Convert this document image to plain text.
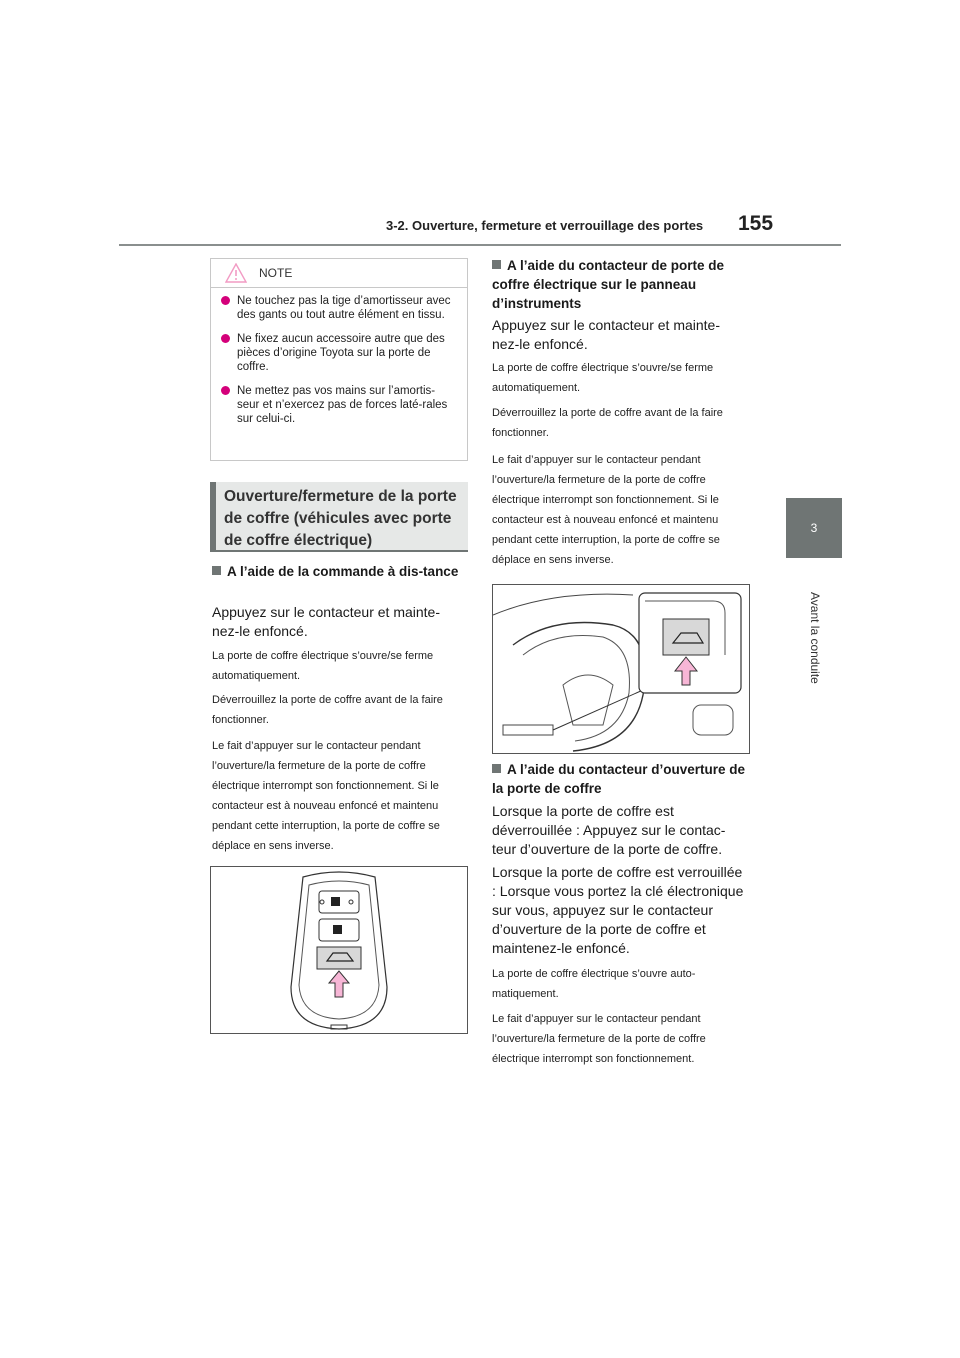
3-2. Ouverture, fermeture et verrouillage des portes 155
3
Avant la conduite
NOTE
Ne touchez pas la tige d’amortisseur avec des gants ou tout autre élément en tissu.
Ne fixez aucun accessoire autre que des pièces d’origine Toyota sur la porte de coffre.
Ne mettez pas vos mains sur l’amortis-seur et n’exercez pas de forces laté-rales sur celui-ci.
Ouverture/fermeture de la porte de coffre (véhicules avec porte de coffre électrique)
A l’aide de la commande à dis-tance
Appuyez sur le contacteur et mainte-nez-le enfoncé.
La porte de coffre électrique s’ouvre/se ferme automatiquement.
Déverrouillez la porte de coffre avant de la faire fonctionner.
Le fait d’appuyer sur le contacteur pendant l’ouverture/la fermeture de la porte de coffre électrique interrompt son fonctionnement. Si le contacteur est à nouveau enfoncé et maintenu pendant cette interruption, la porte de coffre se déplace en sens inverse.
A l’aide du contacteur de porte de coffre électrique sur le panneau d’instruments
Appuyez sur le contacteur et mainte-nez-le enfoncé.
La porte de coffre électrique s’ouvre/se ferme automatiquement.
Déverrouillez la porte de coffre avant de la faire fonctionner.
Le fait d’appuyer sur le contacteur pendant l’ouverture/la fermeture de la porte de coffre électrique interrompt son fonctionnement. Si le contacteur est à nouveau enfoncé et maintenu pendant cette interruption, la porte de coffre se déplace en sens inverse.
A l’aide du contacteur d’ouverture de la porte de coffre
Lorsque la porte de coffre est déverrouillée : Appuyez sur le contac-teur d’ouverture de la porte de coffre.
Lorsque la porte de coffre est verrouillée : Lorsque vous portez la clé électronique sur vous, appuyez sur le contacteur d’ouverture de la porte de coffre et maintenez-le enfoncé.
La porte de coffre électrique s’ouvre auto-matiquement.
Le fait d’appuyer sur le contacteur pendant l’ouverture/la fermeture de la porte de coffre électrique interrompt son fonctionnement.
